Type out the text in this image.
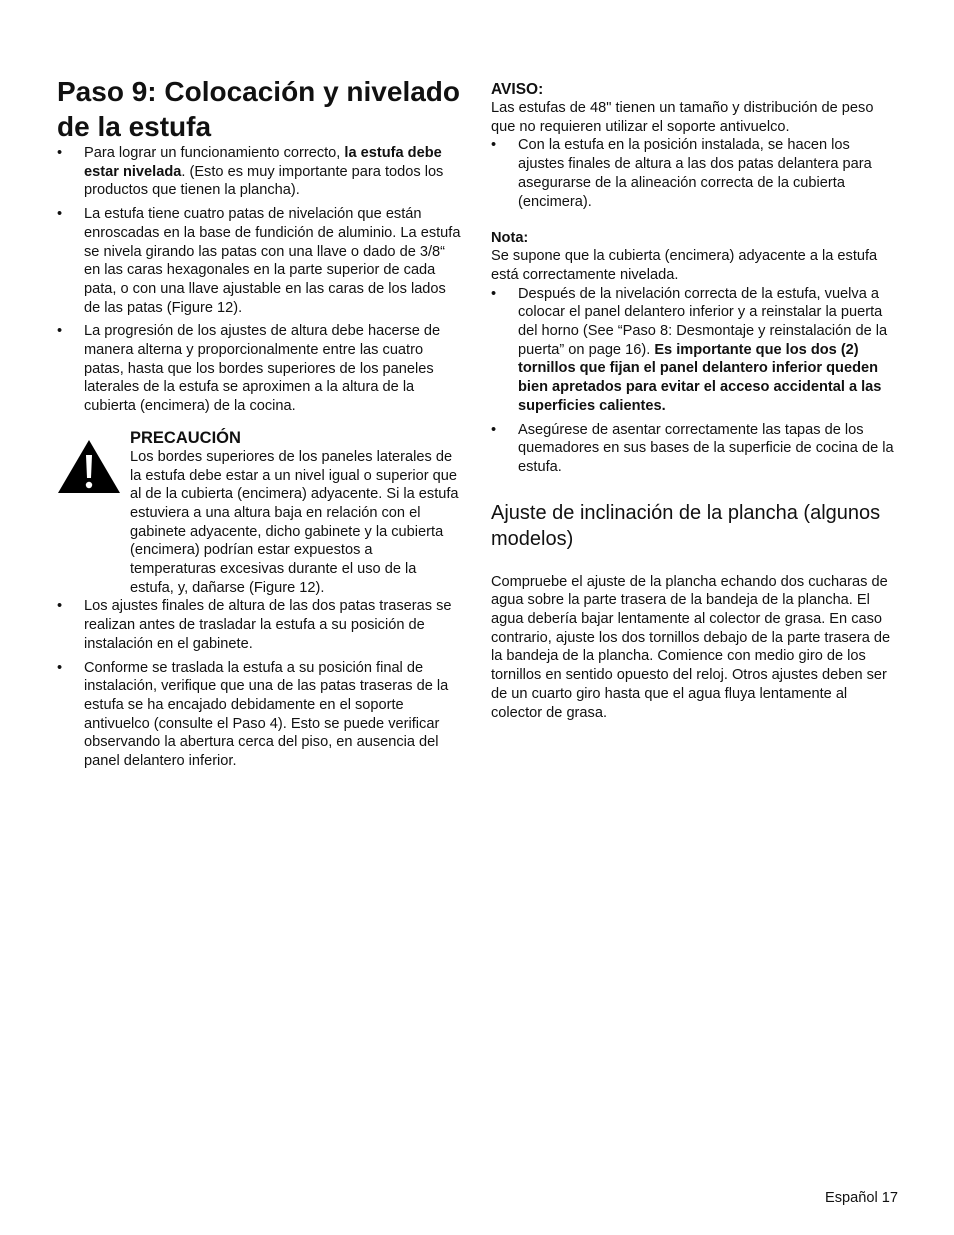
Paso 9: Colocación y nivelado de la estufa
• Para lograr un funcionamiento correcto, la estufa debe estar nivelada. (Esto es muy importante para todos los productos que tienen la plancha).
• La estufa tiene cuatro patas de nivelación que están enroscadas en la base de fundición de aluminio. La estufa se nivela girando las patas con una llave o dado de 3/8“ en las caras hexagonales en la parte superior de cada pata, o con una llave ajustable en las caras de los lados de las patas (Figure 12).
• La progresión de los ajustes de altura debe hacerse de manera alterna y proporcionalmente entre las cuatro patas, hasta que los bordes superiores de los paneles laterales de la estufa se aproximen a la altura de la cubierta (encimera) de la cocina.

PRECAUCIÓN

Los bordes superiores de los paneles laterales de la estufa debe estar a un nivel igual o superior que al de la cubierta (encimera) adyacente. Si la estufa estuviera a una altura baja en relación con el gabinete adyacente, dicho gabinete y la cubierta (encimera) podrían estar expuestos a temperaturas excesivas durante el uso de la estufa, y, dañarse (Figure 12).

• Los ajustes finales de altura de las dos patas traseras se realizan antes de trasladar la estufa a su posición de instalación en el gabinete.
• Conforme se traslada la estufa a su posición final de instalación, verifique que una de las patas traseras de la estufa se ha encajado debidamente en el soporte antivuelco (consulte el Paso 4). Esto se puede verificar observando la abertura cerca del piso, en ausencia del panel delantero inferior.

AVISO:

Las estufas de 48" tienen un tamaño y distribución de peso que no requieren utilizar el soporte antivuelco.

• Con la estufa en la posición instalada, se hacen los ajustes finales de altura a las dos patas delantera para asegurarse de la alineación correcta de la cubierta (encimera).

Nota:

Se supone que la cubierta (encimera) adyacente a la estufa está correctamente nivelada.

• Después de la nivelación correcta de la estufa, vuelva a colocar el panel delantero inferior y a reinstalar la puerta del horno (See “Paso 8: Desmontaje y reinstalación de la puerta” on page 16). Es importante que los dos (2) tornillos que fijan el panel delantero inferior queden bien apretados para evitar el acceso accidental a las superficies calientes.
• Asegúrese de asentar correctamente las tapas de los quemadores en sus bases de la superficie de cocina de la estufa.
Ajuste de inclinación de la plancha (algunos modelos)

Compruebe el ajuste de la plancha echando dos cucharas de agua sobre la parte trasera de la bandeja de la plancha. El agua debería bajar lentamente al colector de grasa. En caso contrario, ajuste los dos tornillos debajo de la parte trasera de la bandeja de la plancha. Comience con medio giro de los tornillos en sentido opuesto del reloj. Otros ajustes deben ser de un cuarto giro hasta que el agua fluya lentamente al colector de grasa.

Español 17
